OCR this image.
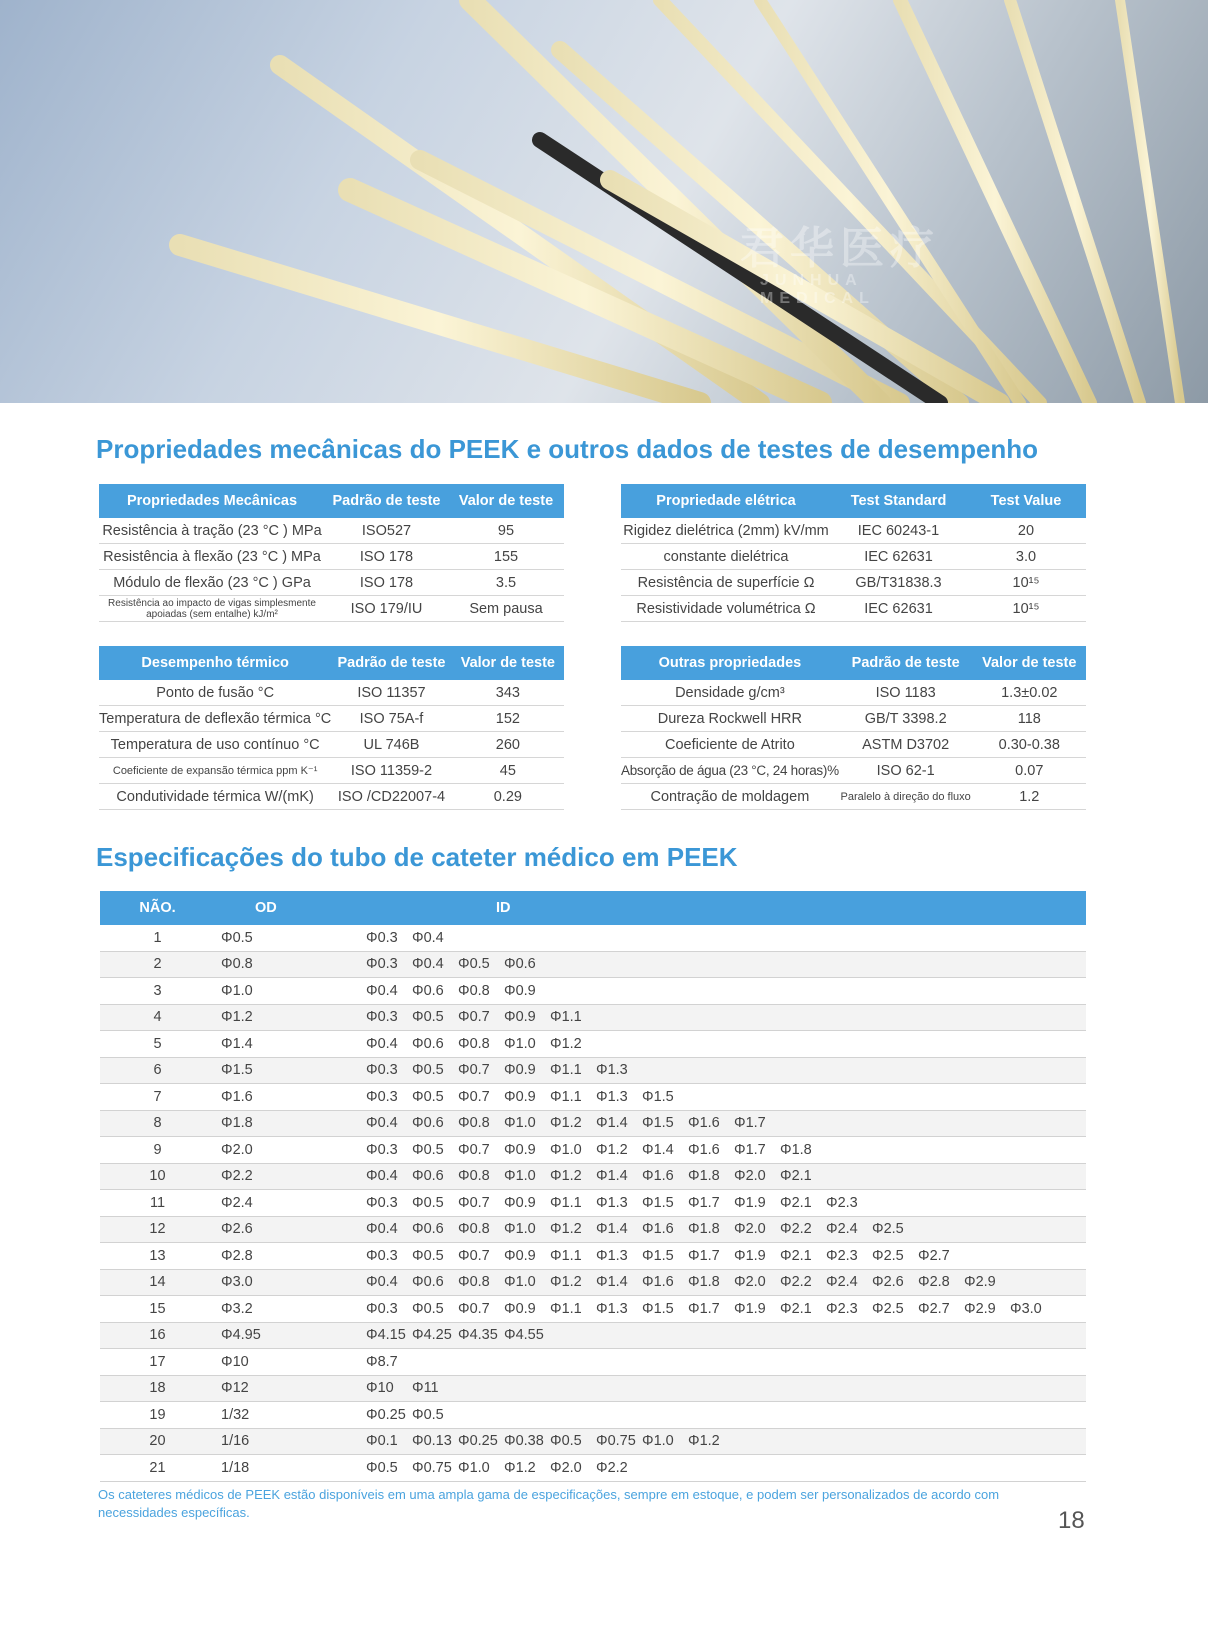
君华医疗
JUNHUA MEDICAL
Propriedades mecânicas do PEEK e outros dados de testes de desempenho
Propriedades Mecânicas	Padrão de teste	Valor de teste
Resistência à tração (23 °C ) MPa	ISO527	95
Resistência à flexão (23 °C ) MPa	ISO 178	155
Módulo de flexão (23 °C ) GPa	ISO 178	3.5
Resistência ao impacto de vigas simplesmente apoiadas (sem entalhe) kJ/m²	ISO 179/IU	Sem pausa
Propriedade elétrica	Test Standard	Test Value
Rigidez dielétrica (2mm) kV/mm	IEC 60243-1	20
constante dielétrica	IEC 62631	3.0
Resistência de superfície Ω	GB/T31838.3	10¹⁵
Resistividade volumétrica Ω	IEC 62631	10¹⁵
Desempenho térmico	Padrão de teste	Valor de teste
Ponto de fusão °C	ISO 11357	343
Temperatura de deflexão térmica °C	ISO 75A-f	152
Temperatura de uso contínuo °C	UL 746B	260
Coeficiente de expansão térmica ppm K⁻¹	ISO 11359-2	45
Condutividade térmica W/(mK)	ISO /CD22007-4	0.29
Outras propriedades	Padrão de teste	Valor de teste
Densidade g/cm³	ISO 1183	1.3±0.02
Dureza Rockwell HRR	GB/T 3398.2	118
Coeficiente de Atrito	ASTM D3702	0.30-0.38
Absorção de água (23 °C, 24 horas)%	ISO 62-1	0.07
Contração de moldagem	Paralelo à direção do fluxo	1.2
Especificações do tubo de cateter médico em PEEK
NÃO.	OD	ID
1	Φ0.5	Φ0.3 Φ0.4
2	Φ0.8	Φ0.3 Φ0.4 Φ0.5 Φ0.6
3	Φ1.0	Φ0.4 Φ0.6 Φ0.8 Φ0.9
4	Φ1.2	Φ0.3 Φ0.5 Φ0.7 Φ0.9 Φ1.1
5	Φ1.4	Φ0.4 Φ0.6 Φ0.8 Φ1.0 Φ1.2
6	Φ1.5	Φ0.3 Φ0.5 Φ0.7 Φ0.9 Φ1.1 Φ1.3
7	Φ1.6	Φ0.3 Φ0.5 Φ0.7 Φ0.9 Φ1.1 Φ1.3 Φ1.5
8	Φ1.8	Φ0.4 Φ0.6 Φ0.8 Φ1.0 Φ1.2 Φ1.4 Φ1.5 Φ1.6 Φ1.7
9	Φ2.0	Φ0.3 Φ0.5 Φ0.7 Φ0.9 Φ1.0 Φ1.2 Φ1.4 Φ1.6 Φ1.7 Φ1.8
10	Φ2.2	Φ0.4 Φ0.6 Φ0.8 Φ1.0 Φ1.2 Φ1.4 Φ1.6 Φ1.8 Φ2.0 Φ2.1
11	Φ2.4	Φ0.3 Φ0.5 Φ0.7 Φ0.9 Φ1.1 Φ1.3 Φ1.5 Φ1.7 Φ1.9 Φ2.1 Φ2.3
12	Φ2.6	Φ0.4 Φ0.6 Φ0.8 Φ1.0 Φ1.2 Φ1.4 Φ1.6 Φ1.8 Φ2.0 Φ2.2 Φ2.4 Φ2.5
13	Φ2.8	Φ0.3 Φ0.5 Φ0.7 Φ0.9 Φ1.1 Φ1.3 Φ1.5 Φ1.7 Φ1.9 Φ2.1 Φ2.3 Φ2.5 Φ2.7
14	Φ3.0	Φ0.4 Φ0.6 Φ0.8 Φ1.0 Φ1.2 Φ1.4 Φ1.6 Φ1.8 Φ2.0 Φ2.2 Φ2.4 Φ2.6 Φ2.8 Φ2.9
15	Φ3.2	Φ0.3 Φ0.5 Φ0.7 Φ0.9 Φ1.1 Φ1.3 Φ1.5 Φ1.7 Φ1.9 Φ2.1 Φ2.3 Φ2.5 Φ2.7 Φ2.9 Φ3.0
16	Φ4.95	Φ4.15 Φ4.25 Φ4.35 Φ4.55
17	Φ10	Φ8.7
18	Φ12	Φ10 Φ11
19	1/32	Φ0.25 Φ0.5
20	1/16	Φ0.1 Φ0.13 Φ0.25 Φ0.38 Φ0.5 Φ0.75 Φ1.0 Φ1.2
21	1/18	Φ0.5 Φ0.75 Φ1.0 Φ1.2 Φ2.0 Φ2.2
Os cateteres médicos de PEEK estão disponíveis em uma ampla gama de especificações, sempre em estoque, e podem ser personalizados de acordo com necessidades específicas.	18
